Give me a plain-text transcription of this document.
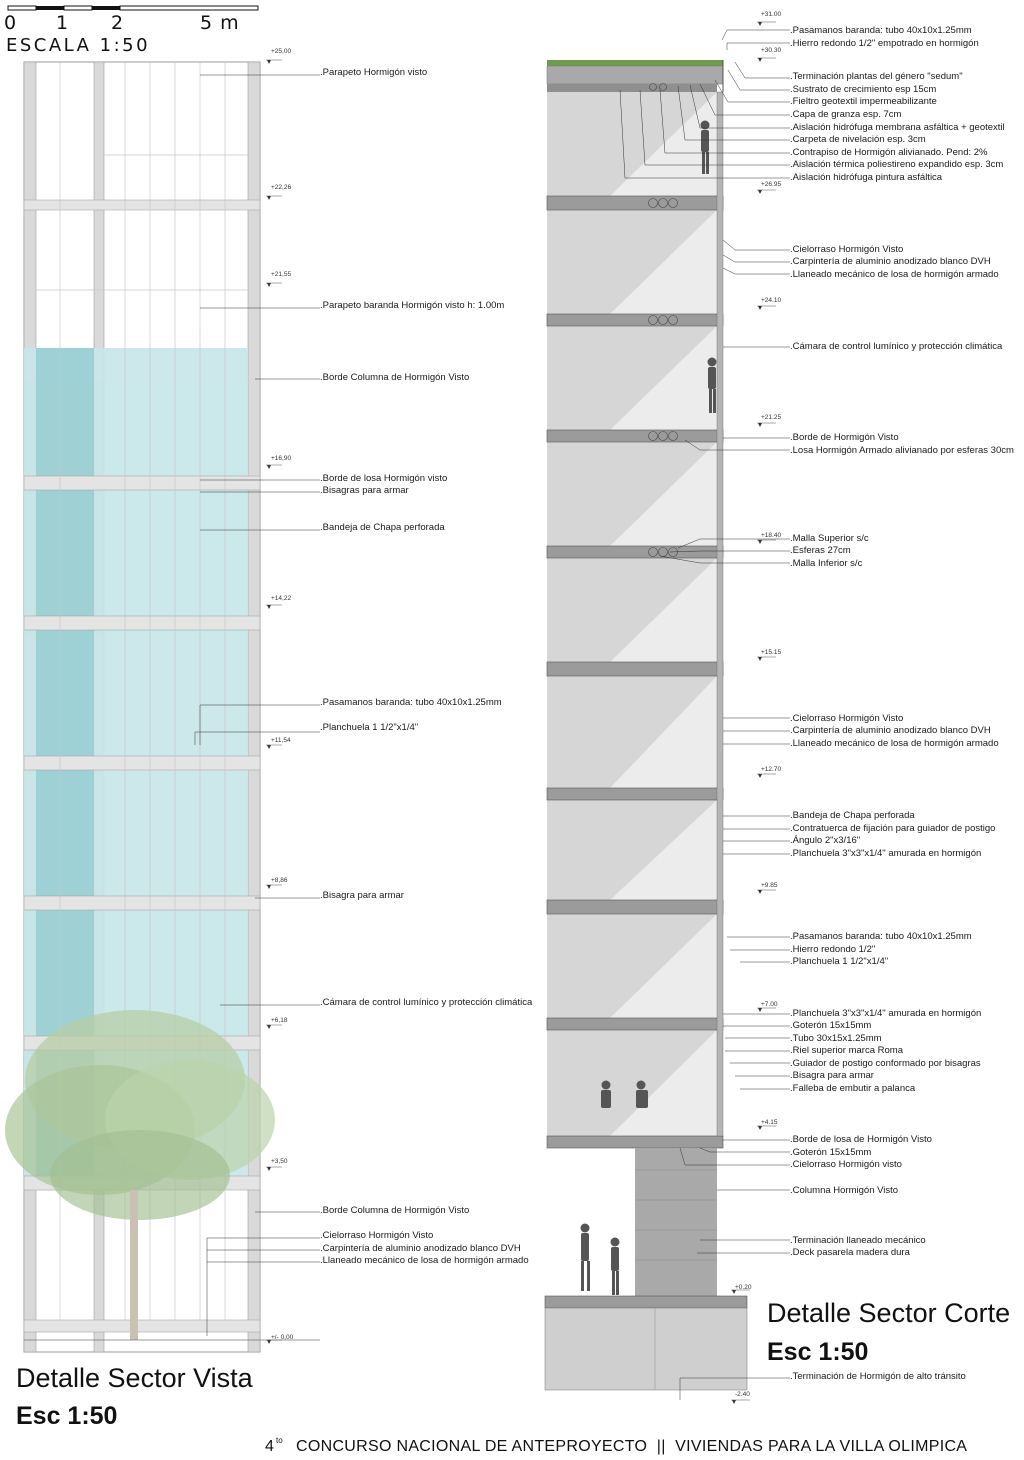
0 1 2	5 m
ESCALA 1:50	+25,00
+22,26
+21,55
+16,90
+14,22
+11,54
+8,86
+6,18
+3,50
+/- 0,00
.Parapeto Hormigón visto
.Parapeto baranda Hormigón visto h: 1.00m
.Borde Columna de Hormigón Visto
.Borde de losa Hormigón visto
.Bisagras para armar
.Bandeja de Chapa perforada
.Pasamanos baranda: tubo 40x10x1.25mm
.Planchuela 1 1/2"x1/4"
.Bisagra para armar
.Cámara de control lumínico y protección climática
.Borde Columna de Hormigón Visto
.Cielorraso Hormigón Visto
.Carpintería de aluminio anodizado blanco DVH
.Llaneado mecánico de losa de hormigón armado
+31.00
+30.30
+26.95
+24.10
+21.25
+18.40
+15.15
+12.70
+9.85
+7.00
+4.15
+0.20
-2.40
.Pasamanos baranda: tubo 40x10x1.25mm
.Hierro redondo 1/2" empotrado en hormigón
.Terminación plantas del género "sedum"
.Sustrato de crecimiento esp 15cm
.Fieltro geotextil impermeabilizante
.Capa de granza esp. 7cm
.Aislación hidrófuga membrana asfáltica + geotextil
.Carpeta de nivelación esp. 3cm
.Contrapiso de Hormigón alivianado. Pend: 2%
.Aislación térmica poliestireno expandido esp. 3cm
.Aislación hidrófuga pintura asfáltica
.Cielorraso Hormigón Visto
.Carpintería de aluminio anodizado blanco DVH
.Llaneado mecánico de losa de hormigón armado
.Cámara de control lumínico y protección climática
.Borde de Hormigón Visto
.Losa Hormigón Armado alivianado por esferas 30cm
.Malla Superior s/c
.Esferas 27cm
.Malla Inferior s/c
.Cielorraso Hormigón Visto
.Carpintería de aluminio anodizado blanco DVH
.Llaneado mecánico de losa de hormigón armado
.Bandeja de Chapa perforada
.Contratuerca de fijación para guiador de postigo
.Ángulo 2"x3/16"
.Planchuela 3"x3"x1/4" amurada en hormigón
.Pasamanos baranda: tubo 40x10x1.25mm
.Hierro redondo 1/2"
.Planchuela 1 1/2"x1/4"
.Planchuela 3"x3"x1/4" amurada en hormigón
.Goterón 15x15mm
.Tubo 30x15x1.25mm
.Riel superior marca Roma
.Guiador de postigo conformado por bisagras
.Bisagra para armar
.Falleba de embutir a palanca
.Borde de losa de Hormigón Visto
.Goterón 15x15mm
.Cielorraso Hormigón visto
.Columna Hormigón Visto
.Terminación llaneado mecánico
.Deck pasarela madera dura
.Terminación de Hormigón de alto tránsito
Detalle Sector Corte
Esc 1:50
Detalle Sector Vista
Esc 1:50
4 to CONCURSO NACIONAL DE ANTEPROYECTO  ||  VIVIENDAS PARA LA VILLA OLIMPICA
